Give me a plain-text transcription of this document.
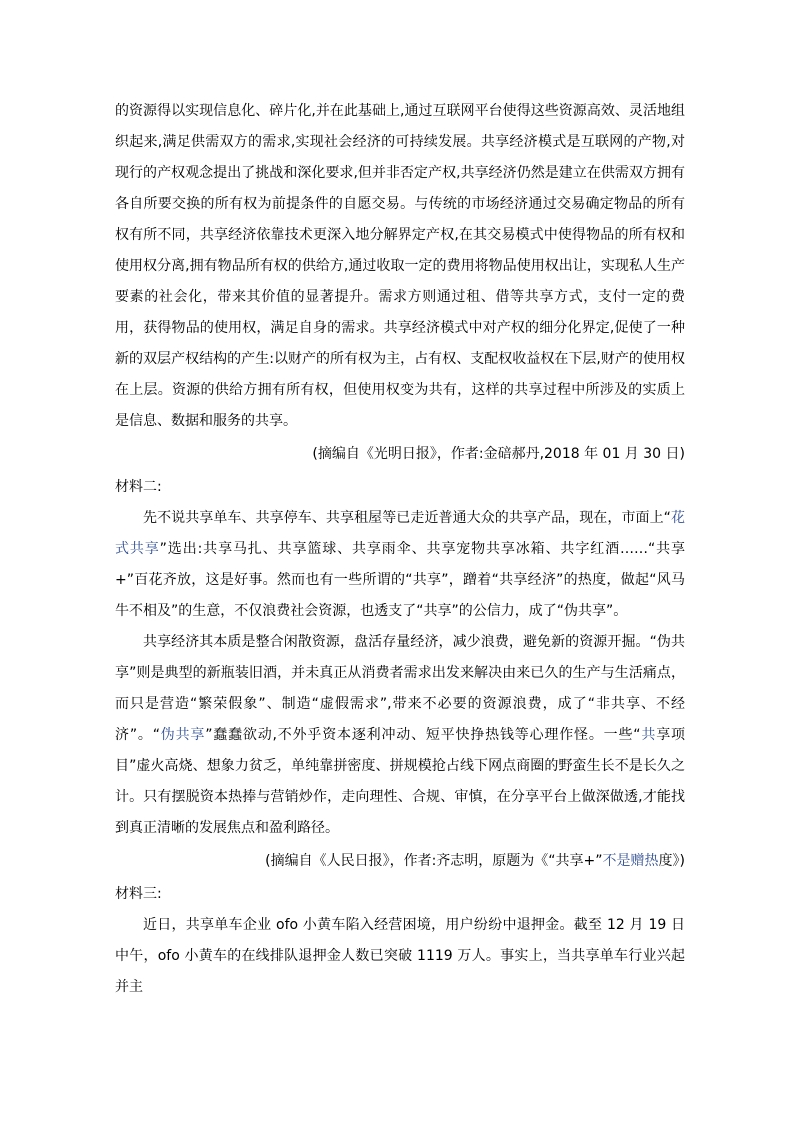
的资源得以实现信息化、碎片化,并在此基础上,通过互联网平台使得这些资源高效、灵活地组织起来,满足供需双方的需求,实现社会经济的可持续发展。共享经济模式是互联网的产物,对现行的产权观念提出了挑战和深化要求,但并非否定产权,共享经济仍然是建立在供需双方拥有各自所要交换的所有权为前提条件的自愿交易。与传统的市场经济通过交易确定物品的所有权有所不同，共享经济依靠技术更深入地分解界定产权,在其交易模式中使得物品的所有权和使用权分离,拥有物品所有权的供给方,通过收取一定的费用将物品使用权出让，实现私人生产要素的社会化，带来其价值的显著提升。需求方则通过租、借等共享方式，支付一定的费用，获得物品的使用权，满足自身的需求。共享经济模式中对产权的细分化界定,促使了一种新的双层产权结构的产生:以财产的所有权为主，占有权、支配权收益权在下层,财产的使用权在上层。资源的供给方拥有所有权，但使用权变为共有，这样的共享过程中所涉及的实质上是信息、数据和服务的共享。

(摘编自《光明日报》，作者:金碚郝丹,2018 年 01 月 30 日)

材料二:

先不说共享单车、共享停车、共享租屋等已走近普通大众的共享产品，现在，市面上“花式共享”选出:共享马扎、共享篮球、共享雨伞、共享宠物共享冰箱、共字红酒……“共享+”百花齐放，这是好事。然而也有一些所谓的“共享”，蹭着“共享经济”的热度，做起“风马牛不相及”的生意，不仅浪费社会资源，也透支了“共享”的公信力，成了“伪共享”。

共享经济其本质是整合闲散资源，盘活存量经济，减少浪费，避免新的资源开掘。“伪共享”则是典型的新瓶装旧酒，并未真正从消费者需求出发来解决由来已久的生产与生活痛点，而只是营造“繁荣假象”、制造“虚假需求”,带来不必要的资源浪费，成了“非共享、不经济”。“伪共享”蠢蠢欲动,不外乎资本逐利冲动、短平快挣热钱等心理作怪。一些“共享项目”虚火高烧、想象力贫乏，单纯靠拼密度、拼规模抢占线下网点商圈的野蛮生长不是长久之计。只有摆脱资本热捧与营销炒作，走向理性、合规、审慎，在分享平台上做深做透,才能找到真正清晰的发展焦点和盈利路径。

(摘编自《人民日报》，作者:齐志明，原题为《“共享+”不是赠热度》)

材料三:

近日，共享单车企业 ofo 小黄车陷入经营困境，用户纷纷中退押金。截至 12 月 19 日中午，ofo 小黄车的在线排队退押金人数已突破 1119 万人。事实上，当共享单车行业兴起并主
